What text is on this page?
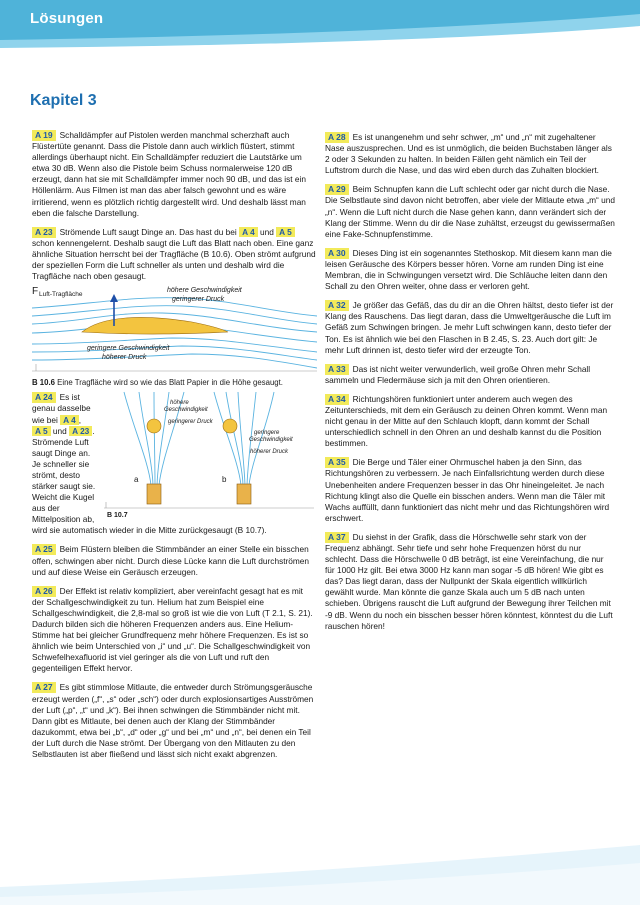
Lösungen
Kapitel 3

A 19 Schalldämpfer auf Pistolen werden manchmal scherzhaft auch Flüstertüte genannt. Dass die Pistole dann auch wirklich flüstert, stimmt allerdings überhaupt nicht. Ein Schalldämpfer reduziert die Lautstärke um etwa 30 dB. Wenn also die Pistole beim Schuss normalerweise 120 dB erzeugt, dann hat sie mit Schalldämpfer immer noch 90 dB, und das ist ein Höllenlärm. Aus Filmen ist man das aber falsch gewohnt und es wäre irritierend, wenn es plötzlich richtig dargestellt wird. Und deshalb lässt man eben die falsche Darstellung.

A 23 Strömende Luft saugt Dinge an. Das hast du bei A 4 und A 5 schon kennengelernt. Deshalb saugt die Luft das Blatt nach oben. Eine ganz ähnliche Situation herrscht bei der Tragfläche (B 10.6). Oben strömt aufgrund der speziellen Form die Luft schneller als unten und deshalb wird die Tragfläche nach oben gesaugt.

F Luft-Tragfläche
höhere Geschwindigkeit
geringerer Druck
geringere Geschwindigkeit
höherer Druck
B 10.6 Eine Tragfläche wird so wie das Blatt Papier in die Höhe gesaugt.
A 24 Es ist genau dasselbe wie bei A 4 , A 5 und A 23 . Strömende Luft saugt Dinge an. Je schneller sie strömt, desto stärker saugt sie. Weicht die Kugel aus der Mittelposition ab,
höhere
Geschwindigkeit
geringerer Druck
geringere
Geschwindigkeit
höherer Druck
a	b
B 10.7

wird sie automatisch wieder in die Mitte zurückgesaugt (B 10.7).

A 25 Beim Flüstern bleiben die Stimmbänder an einer Stelle ein bisschen offen, schwingen aber nicht. Durch diese Lücke kann die Luft durchströmen und auf diese Weise ein Geräusch erzeugen.

A 26 Der Effekt ist relativ kompliziert, aber vereinfacht gesagt hat es mit der Schallgeschwindigkeit zu tun. Helium hat zum Beispiel eine Schallgeschwindigkeit, die 2,8-mal so groß ist wie die von Luft (T 2.1, S. 21). Dadurch bilden sich die höheren Frequenzen anders aus. Eine Helium-Stimme hat bei gleicher Grundfrequenz mehr höhere Frequenzen. Es ist so ähnlich wie beim Unterschied von „i“ und „u“. Die Schallgeschwindigkeit von Schwefelhexafluorid ist viel geringer als die von Luft und ruft den gegenteiligen Effekt hervor.

A 27 Es gibt stimmlose Mitlaute, die entweder durch Strömungsgeräusche erzeugt werden („f“, „s“ oder „sch“) oder durch explosionsartiges Ausströmen der Luft („p“, „t“ und „k“). Bei ihnen schwingen die Stimmbänder nicht mit. Dann gibt es Mitlaute, bei denen auch der Klang der Stimmbänder dazukommt, etwa bei „b“, „d“ oder „g“ und bei „m“ und „n“, bei denen ein Teil der Luft durch die Nase strömt. Der Übergang von den Mitlauten zu den Selbstlauten ist aber fließend und lässt sich nicht exakt abgrenzen.

A 28 Es ist unangenehm und sehr schwer, „m“ und „n“ mit zugehaltener Nase auszusprechen. Und es ist unmöglich, die beiden Buchstaben länger als 2 oder 3 Sekunden zu halten. In beiden Fällen geht nämlich ein Teil der Luftstrom durch die Nase, und das wird eben durch das Zuhalten blockiert.

A 29 Beim Schnupfen kann die Luft schlecht oder gar nicht durch die Nase. Die Selbstlaute sind davon nicht betroffen, aber viele der Mitlaute etwa „m“ und „n“. Wenn die Luft nicht durch die Nase gehen kann, dann verändert sich der Klang der Stimme. Wenn du dir die Nase zuhältst, erzeugst du gewissermaßen eine Fake-Schnupfenstimme.

A 30 Dieses Ding ist ein sogenanntes Stethoskop. Mit diesem kann man die leisen Geräusche des Körpers besser hören. Vorne am runden Ding ist eine Membran, die in Schwingungen versetzt wird. Die Schläuche leiten dann den Schall zu den Ohren weiter, ohne dass er verloren geht.

A 32 Je größer das Gefäß, das du dir an die Ohren hältst, desto tiefer ist der Klang des Rauschens. Das liegt daran, dass die Umweltgeräusche die Luft im Gefäß zum Schwingen bringen. Je mehr Luft schwingen kann, desto tiefer der Ton. Es ist ähnlich wie bei den Flaschen in B 2.45, S. 23. Auch dort gilt: Je mehr Luft drinnen ist, desto tiefer wird der erzeugte Ton.

A 33 Das ist nicht weiter verwunderlich, weil große Ohren mehr Schall sammeln und Fledermäuse sich ja mit den Ohren orientieren.

A 34 Richtungshören funktioniert unter anderem auch wegen des Zeitunterschieds, mit dem ein Geräusch zu deinen Ohren kommt. Wenn man nicht genau in der Mitte auf den Schlauch klopft, dann kommt der Schall unterschiedlich schnell in den Ohren an und deshalb kannst du die Position bestimmen.

A 35 Die Berge und Täler einer Ohrmuschel haben ja den Sinn, das Richtungshören zu verbessern. Je nach Einfallsrichtung werden durch diese Unebenheiten andere Frequenzen besser in das Ohr hineingeleitet. Je nach Richtung klingt also die Quelle ein bisschen anders. Wenn man die Täler mit Wachs auffüllt, dann funktioniert das nicht mehr und das Richtungshören wird erschwert.

A 37 Du siehst in der Grafik, dass die Hörschwelle sehr stark von der Frequenz abhängt. Sehr tiefe und sehr hohe Frequenzen hörst du nur schlecht. Dass die Hörschwelle 0 dB beträgt, ist eine Vereinfachung, die nur für 1000 Hz gilt. Bei etwa 3000 Hz kann man sogar -5 dB hören! Wie gibt es das? Das liegt daran, dass der Nullpunkt der Skala eigentlich willkürlich gewählt wurde. Man könnte die ganze Skala auch um 5 dB nach unten schieben. Übrigens rauscht die Luft aufgrund der Bewegung ihrer Teilchen mit -9 dB. Wenn du noch ein bisschen besser hören könntest, könntest du die Luft rauschen hören!
